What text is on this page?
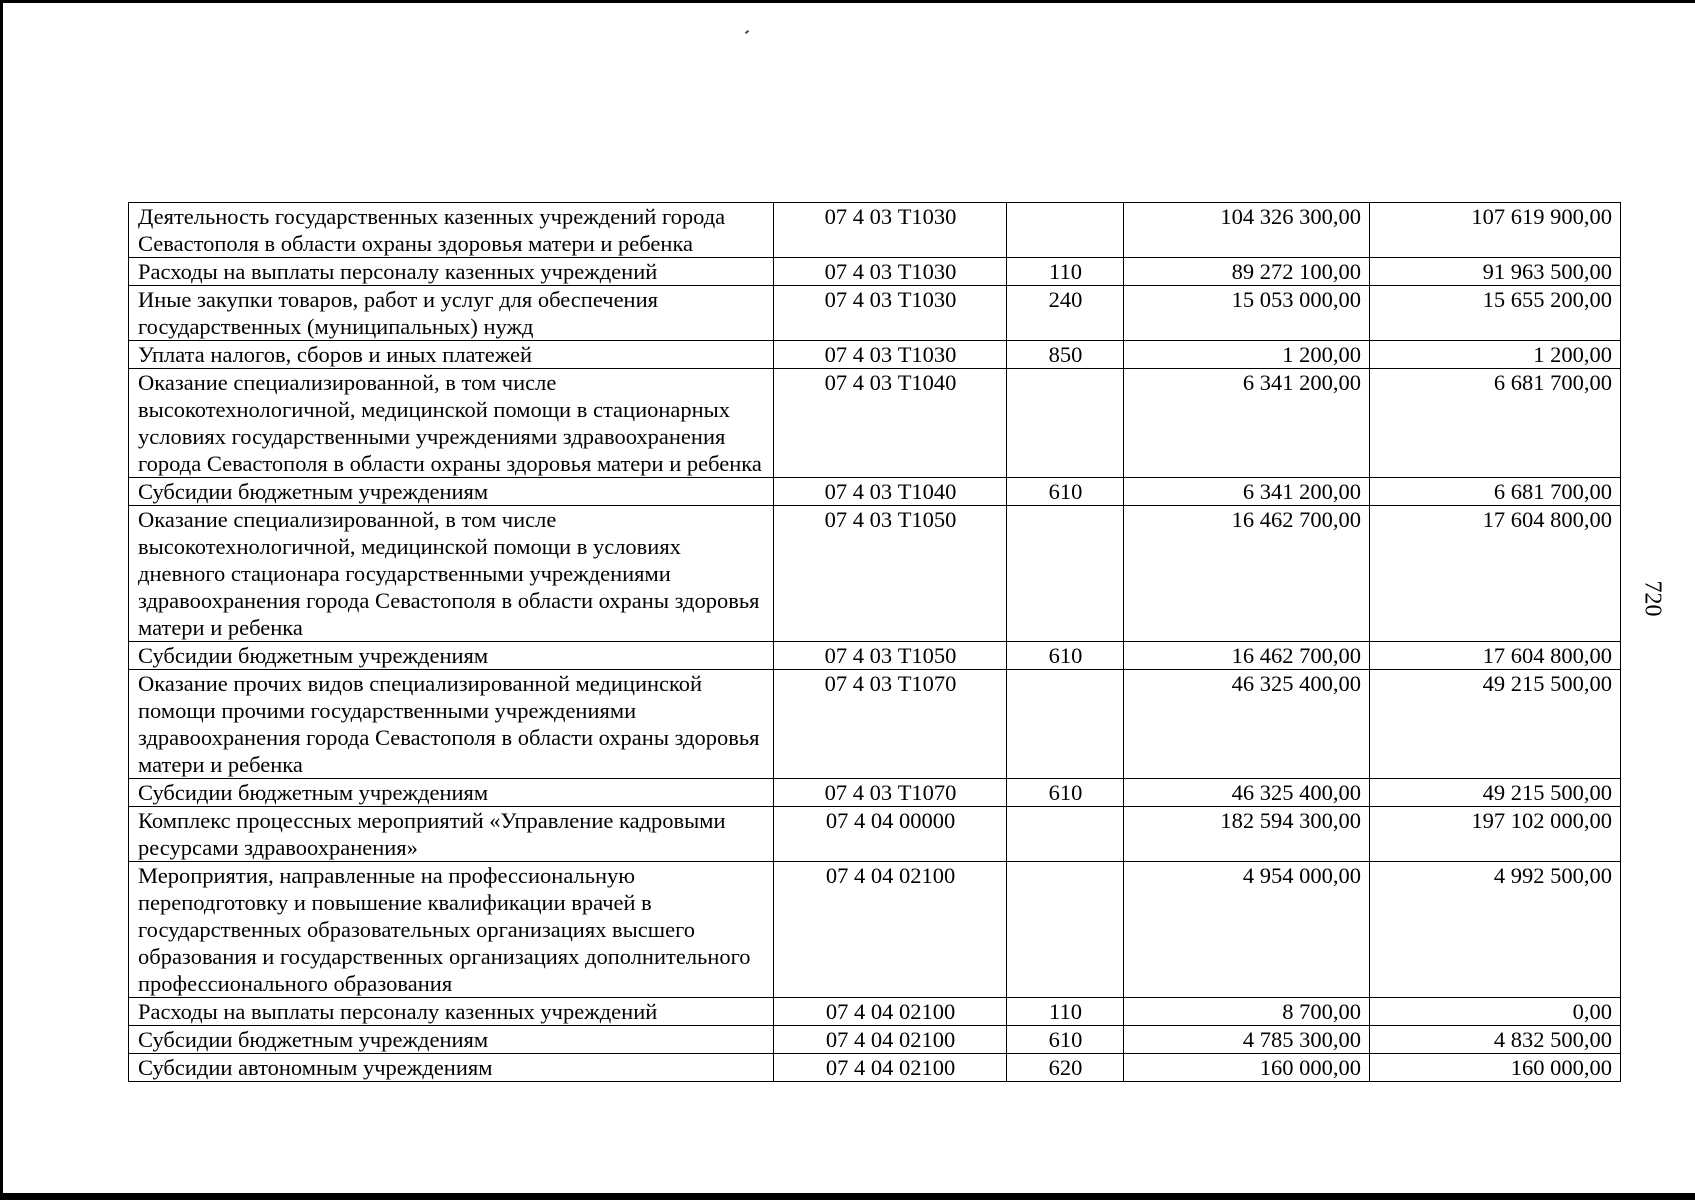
Деятельность государственных казенных учреждений города Севастополя в области охраны здоровья матери и ребенка	07 4 03 Т1030		104 326 300,00	107 619 900,00
Расходы на выплаты персоналу казенных учреждений	07 4 03 Т1030	110	89 272 100,00	91 963 500,00
Иные закупки товаров, работ и услуг для обеспечения государственных (муниципальных) нужд	07 4 03 Т1030	240	15 053 000,00	15 655 200,00
Уплата налогов, сборов и иных платежей	07 4 03 Т1030	850	1 200,00	1 200,00
Оказание специализированной, в том числе высокотехнологичной, медицинской помощи в стационарных условиях государственными учреждениями здравоохранения города Севастополя в области охраны здоровья матери и ребенка	07 4 03 Т1040		6 341 200,00	6 681 700,00
Субсидии бюджетным учреждениям	07 4 03 Т1040	610	6 341 200,00	6 681 700,00
Оказание специализированной, в том числе высокотехнологичной, медицинской помощи в условиях дневного стационара государственными учреждениями здравоохранения города Севастополя в области охраны здоровья матери и ребенка	07 4 03 Т1050		16 462 700,00	17 604 800,00
Субсидии бюджетным учреждениям	07 4 03 Т1050	610	16 462 700,00	17 604 800,00
Оказание прочих видов специализированной медицинской помощи прочими государственными учреждениями здравоохранения города Севастополя в области охраны здоровья матери и ребенка	07 4 03 Т1070		46 325 400,00	49 215 500,00
Субсидии бюджетным учреждениям	07 4 03 Т1070	610	46 325 400,00	49 215 500,00
Комплекс процессных мероприятий «Управление кадровыми ресурсами здравоохранения»	07 4 04 00000		182 594 300,00	197 102 000,00
Мероприятия, направленные на профессиональную переподготовку и повышение квалификации врачей в государственных образовательных организациях высшего образования и государственных организациях дополнительного профессионального образования	07 4 04 02100		4 954 000,00	4 992 500,00
Расходы на выплаты персоналу казенных учреждений	07 4 04 02100	110	8 700,00	0,00
Субсидии бюджетным учреждениям	07 4 04 02100	610	4 785 300,00	4 832 500,00
Субсидии автономным учреждениям	07 4 04 02100	620	160 000,00	160 000,00
720
